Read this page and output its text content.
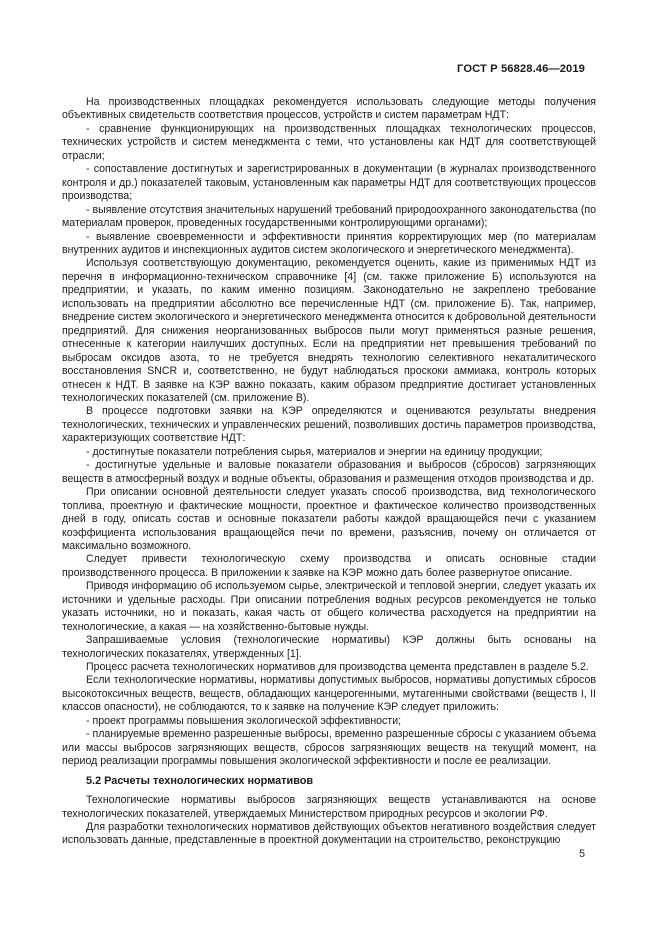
ГОСТ Р 56828.46—2019

На производственных площадках рекомендуется использовать следующие методы получения объективных свидетельств соответствия процессов, устройств и систем параметрам НДТ:

- сравнение функционирующих на производственных площадках технологических процессов, технических устройств и систем менеджмента с теми, что установлены как НДТ для соответствующей отрасли;

- сопоставление достигнутых и зарегистрированных в документации (в журналах производственного контроля и др.) показателей таковым, установленным как параметры НДТ для соответствующих процессов производства;

- выявление отсутствия значительных нарушений требований природоохранного законодательства (по материалам проверок, проведенных государственными контролирующими органами);

- выявление своевременности и эффективности принятия корректирующих мер (по материалам внутренних аудитов и инспекционных аудитов систем экологического и энергетического менеджмента).

Используя соответствующую документацию, рекомендуется оценить, какие из применимых НДТ из перечня в информационно-техническом справочнике [4] (см. также приложение Б) используются на предприятии, и указать, по каким именно позициям. Законодательно не закреплено требование использовать на предприятии абсолютно все перечисленные НДТ (см. приложение Б). Так, например, внедрение систем экологического и энергетического менеджмента относится к добровольной деятельности предприятий. Для снижения неорганизованных выбросов пыли могут применяться разные решения, отнесенные к категории наилучших доступных. Если на предприятии нет превышения требований по выбросам оксидов азота, то не требуется внедрять технологию селективного некаталитического восстановления SNCR и, соответственно, не будут наблюдаться проскоки аммиака, контроль которых отнесен к НДТ. В заявке на КЭР важно показать, каким образом предприятие достигает установленных технологических показателей (см. приложение В).

В процессе подготовки заявки на КЭР определяются и оцениваются результаты внедрения технологических, технических и управленческих решений, позволивших достичь параметров производства, характеризующих соответствие НДТ:

- достигнутые показатели потребления сырья, материалов и энергии на единицу продукции;

- достигнутые удельные и валовые показатели образования и выбросов (сбросов) загрязняющих веществ в атмосферный воздух и водные объекты, образования и размещения отходов производства и др.

При описании основной деятельности следует указать способ производства, вид технологического топлива, проектную и фактические мощности, проектное и фактическое количество производственных дней в году, описать состав и основные показатели работы каждой вращающейся печи с указанием коэффициента использования вращающейся печи по времени, разъяснив, почему он отличается от максимально возможного.

Следует привести технологическую схему производства и описать основные стадии производственного процесса. В приложении к заявке на КЭР можно дать более развернутое описание.

Приводя информацию об используемом сырье, электрической и тепловой энергии, следует указать их источники и удельные расходы. При описании потребления водных ресурсов рекомендуется не только указать источники, но и показать, какая часть от общего количества расходуется на предприятии на технологические, а какая — на хозяйственно-бытовые нужды.

Запрашиваемые условия (технологические нормативы) КЭР должны быть основаны на технологических показателях, утвержденных [1].

Процесс расчета технологических нормативов для производства цемента представлен в разделе 5.2.

Если технологические нормативы, нормативы допустимых выбросов, нормативы допустимых сбросов высокотоксичных веществ, веществ, обладающих канцерогенными, мутагенными свойствами (веществ I, II классов опасности), не соблюдаются, то к заявке на получение КЭР следует приложить:

- проект программы повышения экологической эффективности;

- планируемые временно разрешенные выбросы, временно разрешенные сбросы с указанием объема или массы выбросов загрязняющих веществ, сбросов загрязняющих веществ на текущий момент, на период реализации программы повышения экологической эффективности и после ее реализации.

5.2 Расчеты технологических нормативов

Технологические нормативы выбросов загрязняющих веществ устанавливаются на основе технологических показателей, утверждаемых Министерством природных ресурсов и экологии РФ.

Для разработки технологических нормативов действующих объектов негативного воздействия следует использовать данные, представленные в проектной документации на строительство, реконструкцию

5
